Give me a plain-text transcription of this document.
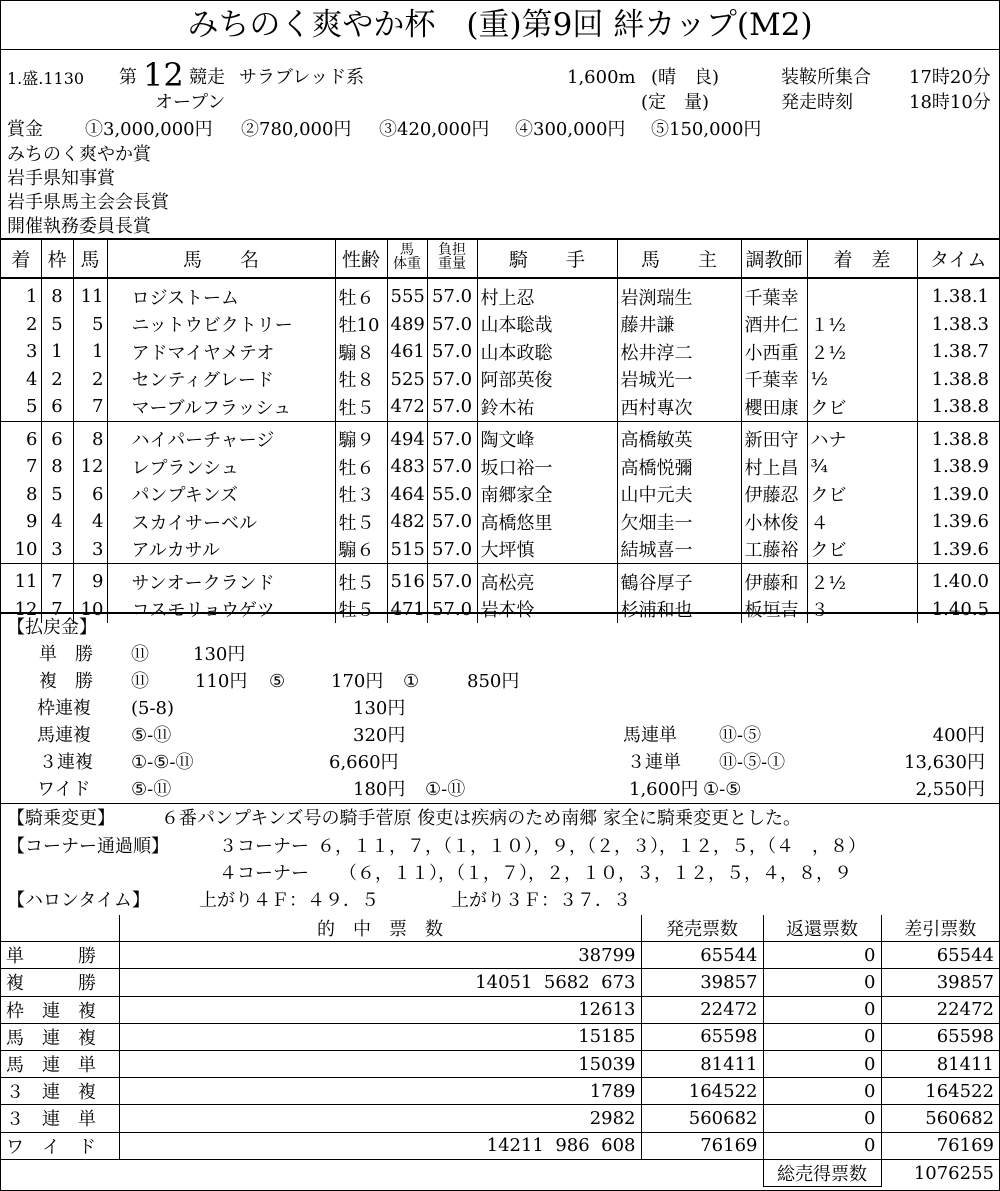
みちのく爽やか杯　(重)第9回 絆カップ(M2)
1.盛.1130 第 12 競走 サラブレッド系
オープン
1,600m (晴　良)
(定　量)
装鞍所集合 17時20分
発走時刻	18時10分
賞金 ①3,000,000円 ②780,000円 ③420,000円 ④300,000円 ⑤150,000円
みちのく爽やか賞
岩手県知事賞
岩手県馬主会会長賞
開催執務委員長賞
着	枠	馬	馬　　名	性齢	馬
体重	負担
重量	騎　　手	馬　　主	調教師	着　差	タイム
1	8	11	ロジストーム	牡６	555	57.0	村上忍	岩渕瑞生	千葉幸		1.38.1
2	5	5	ニットウビクトリー	牡10	489	57.0	山本聡哉	藤井謙	酒井仁	１½	1.38.3
3	1	1	アドマイヤメテオ	騸８	461	57.0	山本政聡	松井淳二	小西重	２½	1.38.7
4	2	2	センティグレード	牡８	525	57.0	阿部英俊	岩城光一	千葉幸	½	1.38.8
5	6	7	マーブルフラッシュ	牡５	472	57.0	鈴木祐	西村專次	櫻田康	クビ	1.38.8
6	6	8	ハイパーチャージ	騸９	494	57.0	陶文峰	高橋敏英	新田守	ハナ	1.38.8
7	8	12	レプランシュ	牡６	483	57.0	坂口裕一	高橋悦彌	村上昌	¾	1.38.9
8	5	6	パンプキンズ	牡３	464	55.0	南郷家全	山中元夫	伊藤忍	クビ	1.39.0
9	4	4	スカイサーベル	牡５	482	57.0	高橋悠里	欠畑圭一	小林俊	４	1.39.6
10	3	3	アルカサル	騸６	515	57.0	大坪慎	結城喜一	工藤裕	クビ	1.39.6
11	7	9	サンオークランド	牡５	516	57.0	高松亮	鶴谷厚子	伊藤和	２½	1.40.0
12	7	10	コスモリョウゲツ	牡５	471	57.0	岩本怜	杉浦和也	板垣吉	３	1.40.5
【払戻金】
単　勝 ⑪ 130円
複　勝 ⑪	110円 ⑤	170円 ①	850円
枠連複 (5-8)	130円
馬連複 ⑤-⑪	320円	馬連単 ⑪-⑤	400円
３連複 ①-⑤-⑪	6,660円	３連単 ⑪-⑤-①	13,630円
ワイド ⑤-⑪	180円 ①-⑪	1,600円 ①-⑤	2,550円
【騎乗変更】	６番パンプキンズ号の騎手菅原 俊吏は疾病のため南郷 家全に騎乗変更とした。
【コーナー通過順】	３コーナー ６，１１，７，（１，１０），９，（２，３），１２，５，（４　，８）
４コーナー （６，１１），（１，７），２，１０，３，１２，５，４，８，９
【ハロンタイム】	上がり４Ｆ：４９．５	上がり３Ｆ：３７．３
	的　中　票　数	発売票数	返還票数	差引票数
単　　　勝	38799	65544	0	65544
複　　　勝	14051  5682  673	39857	0	39857
枠　連　複	12613	22472	0	22472
馬　連　複	15185	65598	0	65598
馬　連　単	15039	81411	0	81411
３　連　複	1789	164522	0	164522
３　連　単	2982	560682	0	560682
ワ　イ　ド	14211  986  608	76169	0	76169
			総売得票数	1076255
